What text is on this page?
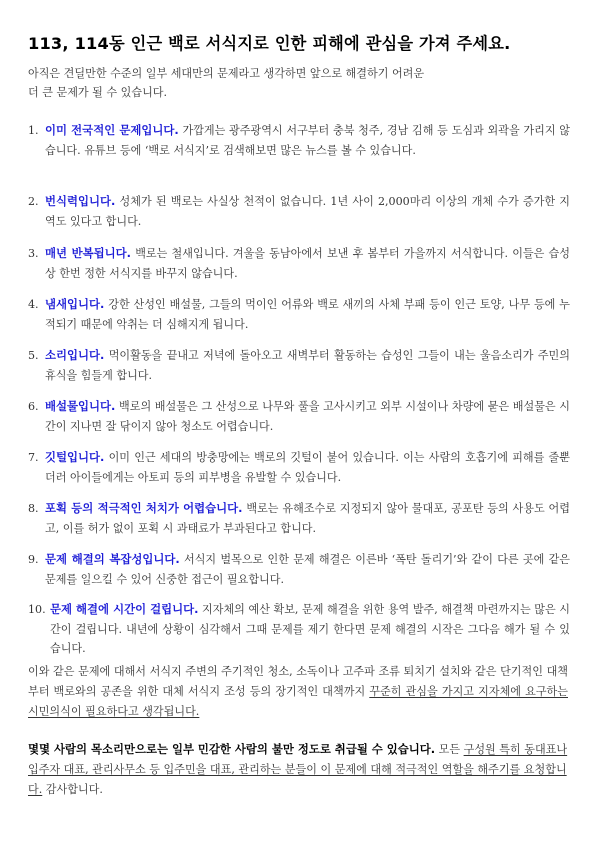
113, 114동 인근 백로 서식지로 인한 피해에 관심을 가져 주세요.
아직은 견딜만한 수준의 일부 세대만의 문제라고 생각하면 앞으로 해결하기 어려운
더 큰 문제가 될 수 있습니다.
1. 이미 전국적인 문제입니다. 가깝게는 광주광역시 서구부터 충북 청주, 경남 김해 등 도심과 외곽을 가리지 않습니다. 유튜브 등에 ‘백로 서식지’로 검색해보면 많은 뉴스를 볼 수 있습니다.
2. 번식력입니다. 성체가 된 백로는 사실상 천적이 없습니다. 1년 사이 2,000마리 이상의 개체 수가 증가한 지역도 있다고 합니다.
3. 매년 반복됩니다. 백로는 철새입니다. 겨울을 동남아에서 보낸 후 봄부터 가을까지 서식합니다. 이들은 습성상 한번 정한 서식지를 바꾸지 않습니다.
4. 냄새입니다. 강한 산성인 배설물, 그들의 먹이인 어류와 백로 새끼의 사체 부패 등이 인근 토양, 나무 등에 누적되기 때문에 악취는 더 심해지게 됩니다.
5. 소리입니다. 먹이활동을 끝내고 저녁에 돌아오고 새벽부터 활동하는 습성인 그들이 내는 울음소리가 주민의 휴식을 힘들게 합니다.
6. 배설물입니다. 백로의 배설물은 그 산성으로 나무와 풀을 고사시키고 외부 시설이나 차량에 묻은 배설물은 시간이 지나면 잘 닦이지 않아 청소도 어렵습니다.
7. 깃털입니다. 이미 인근 세대의 방충망에는 백로의 깃털이 붙어 있습니다. 이는 사람의 호흡기에 피해를 줄뿐더러 아이들에게는 아토피 등의 피부병을 유발할 수 있습니다.
8. 포획 등의 적극적인 처치가 어렵습니다. 백로는 유해조수로 지정되지 않아 물대포, 공포탄 등의 사용도 어렵고, 이를 허가 없이 포획 시 과태료가 부과된다고 합니다.
9. 문제 해결의 복잡성입니다. 서식지 벌목으로 인한 문제 해결은 이른바 ‘폭탄 돌리기’와 같이 다른 곳에 같은 문제를 일으킬 수 있어 신중한 접근이 필요합니다.
10. 문제 해결에 시간이 걸립니다. 지자체의 예산 확보, 문제 해결을 위한 용역 발주, 해결책 마련까지는 많은 시간이 걸립니다. 내년에 상황이 심각해서 그때 문제를 제기 한다면 문제 해결의 시작은 그다음 해가 될 수 있습니다.
이와 같은 문제에 대해서 서식지 주변의 주기적인 청소, 소독이나 고주파 조류 퇴치기 설치와 같은 단기적인 대책부터 백로와의 공존을 위한 대체 서식지 조성 등의 장기적인 대책까지 꾸준히 관심을 가지고 지자체에 요구하는 시민의식이 필요하다고 생각됩니다.
몇몇 사람의 목소리만으로는 일부 민감한 사람의 불만 정도로 취급될 수 있습니다. 모든 구성원 특히 동대표나 입주자 대표, 관리사무소 등 입주민을 대표, 관리하는 분들이 이 문제에 대해 적극적인 역할을 해주기를 요청합니다. 감사합니다.
